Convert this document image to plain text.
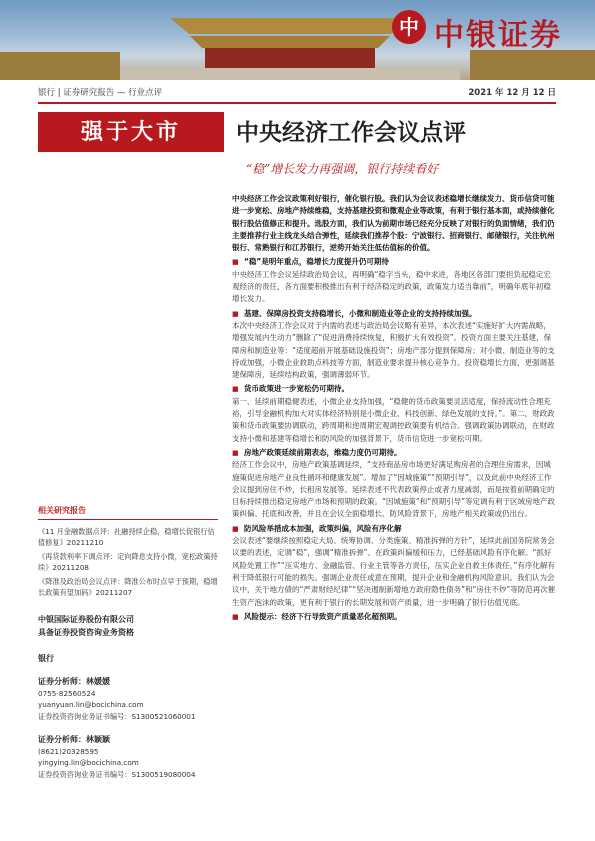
中 中银证券
银行 | 证券研究报告 — 行业点评	2021 年 12 月 12 日
强于大市	中央经济工作会议点评
“稳”增长发力再强调，银行持续看好

中央经济工作会议政策利好银行，催化银行股。我们认为会议表述稳增长继续发力、货币信贷可能进一步宽松、房地产持续维稳，支持基建投资和微观企业等政策，有利于银行基本面，或持续催化银行股估值修正和提升。选股方面，我们认为前期市场已经充分反映了对银行的负面情绪，我们仍主要推荐行业主线龙头结合弹性，延续我们推荐个股：宁波银行、招商银行、邮储银行，关注杭州银行、常熟银行和江苏银行，逆势开始关注低估值标的价值。

■ “稳”是明年重点，稳增长力度提升仍可期待

中央经济工作会议延续政治局会议，再明确“稳字当头，稳中求进，各地区各部门要担负起稳定宏观经济的责任，各方面要积极推出有利于经济稳定的政策，政策发力适当靠前”，明确年底年初稳增长发力。

■ 基建、保障房投资支持稳增长，小微和制造业等企业的支持持续加强。

本次中央经济工作会议对于内需的表述与政治局会议略有差异，本次表述“实施好扩大内需战略，增强发展内生动力”删除了“促进消费持续恢复，积极扩大有效投资”。投资方面主要关注基建，保障房和制造业等：“适度超前开展基础设施投资”；房地产部分提到保障房；对小微、制造业等的支持或加强，小微企业救助点科技等方面，制造业要求提升核心竞争力。投资稳增长方面，更强调基建保障房，延续结构政策，强调薄弱环节。

■ 货币政策进一步宽松仍可期待。

第一、延续前期稳健表述，小微企业支持加强，“稳健的货币政策要灵活适度，保持流动性合理充裕，引导金融机构加大对实体经济特别是小微企业、科技创新、绿色发展的支持。”。第二，财政政策和货币政策要协调联动，跨周期和逆周期宏观调控政策要有机结合。强调政策协调联动，在财政支持小微和基建等稳增长和防风险的加强背景下，货币信贷进一步宽松可期。

■ 房地产政策延续前期表态，维稳力度仍可期待。

经济工作会议中，房地产政策基调延续，“支持商品房市场更好满足购房者的合理住房需求，因城施策促进房地产业良性循环和健康发展”。增加了“因城施策”“预期引导”，以及此前中央经济工作会议提到房住不炒，长租房发展等。延续表述不代表政策停止或者力度减弱，而是按着前期确定的目标持续推出稳定房地产市场和预期的政策。“因城施策”和“预期引导”等定调有利于区域房地产政策纠偏、托底和改善，并且在会议全面稳增长、防风险背景下，房地产相关政策或仍出台。

■ 防风险举措成本加强，政策纠偏，风险有序化解

会议表述“要继续按照稳定大局、统筹协调、分类施策、精准拆弹的方针”，延续此前国务院常务会议要的表述，定调“稳”，强调“精准拆弹”。在政策纠偏缓和压力，已经基础风险有序化解。“抓好风险处置工作”“压实地方、金融监管、行业主管等各方责任，压实企业自救主体责任，”有序化解有利于降低银行可能的损失。强调企业责任或意在预期，提升企业和金融机构风险意识。我们认为会议中，关于地方债的“严肃财经纪律”“坚决遏制新增地方政府隐性债务”和“房住不炒”等防范再次催生资产泡沫的政策，更有利于银行的长期发展和资产质量，进一步明确了银行估值见底。

■ 风险提示：经济下行导致资产质量恶化超预期。

相关研究报告
《11 月金融数据点评：社融持续企稳，稳增长促银行估值修复》20211210
《再贷款利率下调点评：定向降息支持小微，宽松政策持续》20211208
《降准及政治局会议点评：降准公布时点早于预期，稳增长政策有望加码》20211207
中银国际证券股份有限公司
具备证券投资咨询业务资格
银行
证券分析师：林媛媛
0755-82560524
yuanyuan.lin@bocichina.com
证券投资咨询业务证书编号：S1300521060001
证券分析师：林颖颖
(8621)20328595
yingying.lin@bocichina.com
证券投资咨询业务证书编号：S1300519080004
